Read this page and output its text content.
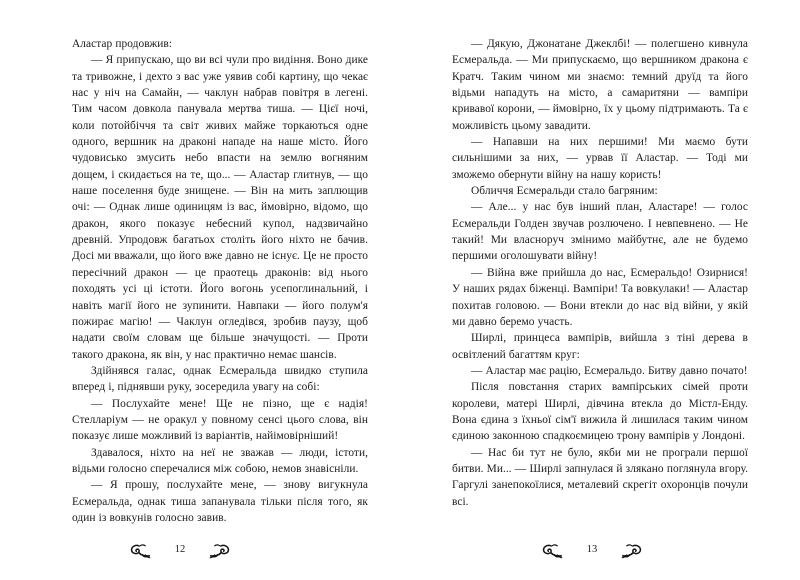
Аластар продовжив:

— Я припускаю, що ви всі чули про видіння. Воно дике та тривожне, і дехто з вас уже уявив собі картину, що чекає нас у ніч на Самайн, — чаклун набрав повітря в легені. Тим часом довкола панувала мертва тиша. — Цієї ночі, коли потойбіччя та світ живих майже торкаються одне одного, вершник на драконі нападе на наше місто. Його чудовисько змусить небо впасти на землю вогняним дощем, і скидається на те, що... — Аластар глитнув, — що наше поселення буде знищене. — Він на мить заплющив очі: — Однак лише одиницям із вас, ймовірно, відомо, що дракон, якого показує небесний купол, надзвичайно древній. Упродовж багатьох століть його ніхто не бачив. Досі ми вважали, що його вже давно не існує. Це не просто пересічний дракон — це праотець драконів: від нього походять усі ці істоти. Його вогонь усепоглинальний, і навіть магії його не зупинити. Навпаки — його полум'я пожирає магію! — Чаклун огледівся, зробив паузу, щоб надати своїм словам ще більше значущості. — Проти такого дракона, як він, у нас практично немає шансів.

Здійнявся галас, однак Есмеральда швидко ступила вперед і, піднявши руку, зосередила увагу на собі:

— Послухайте мене! Ще не пізно, ще є надія! Стелларіум — не оракул у повному сенсі цього слова, він показує лише можливий із варіантів, найімовірніший!

Здавалося, ніхто на неї не зважав — люди, істоти, відьми голосно сперечалися між собою, немов знавісніли.

— Я прошу, послухайте мене, — знову вигукнула Есмеральда, однак тиша запанувала тільки після того, як один із вовкунів голосно завив.

12

— Дякую, Джонатане Джеклбі! — полегшено кивнула Есмеральда. — Ми припускаємо, що вершником дракона є Кратч. Таким чином ми знаємо: темний друїд та його відьми нападуть на місто, а самаритяни — вампіри кривавої корони, — ймовірно, їх у цьому підтримають. Та є можливість цьому завадити.

— Напавши на них першими! Ми маємо бути сильнішими за них, — урвав її Аластар. — Тоді ми зможемо обернути війну на нашу користь!

Обличчя Есмеральди стало багряним:

— Але... у нас був інший план, Аластаре! — голос Есмеральди Голден звучав розлючено. І невпевнено. — Не такий! Ми власноруч змінимо майбутнє, але не будемо першими оголошувати війну!

— Війна вже прийшла до нас, Есмеральдо! Озирнися! У наших рядах біженці. Вампіри! Та вовкулаки! — Аластар похитав головою. — Вони втекли до нас від війни, у якій ми давно беремо участь.

Ширлі, принцеса вампірів, вийшла з тіні дерева в освітлений багаттям круг:

— Аластар має рацію, Есмеральдо. Битву давно почато!

Після повстання старих вампірських сімей проти королеви, матері Ширлі, дівчина втекла до Містл-Енду. Вона єдина з їхньої сім'ї вижила й лишилася таким чином єдиною законною спадкоємицею трону вампірів у Лондоні.

— Нас би тут не було, якби ми не програли першої битви. Ми... — Ширлі запнулася й злякано поглянула вгору. Гаргулі занепокоїлися, металевий скрегіт охоронців почули всі.

13
